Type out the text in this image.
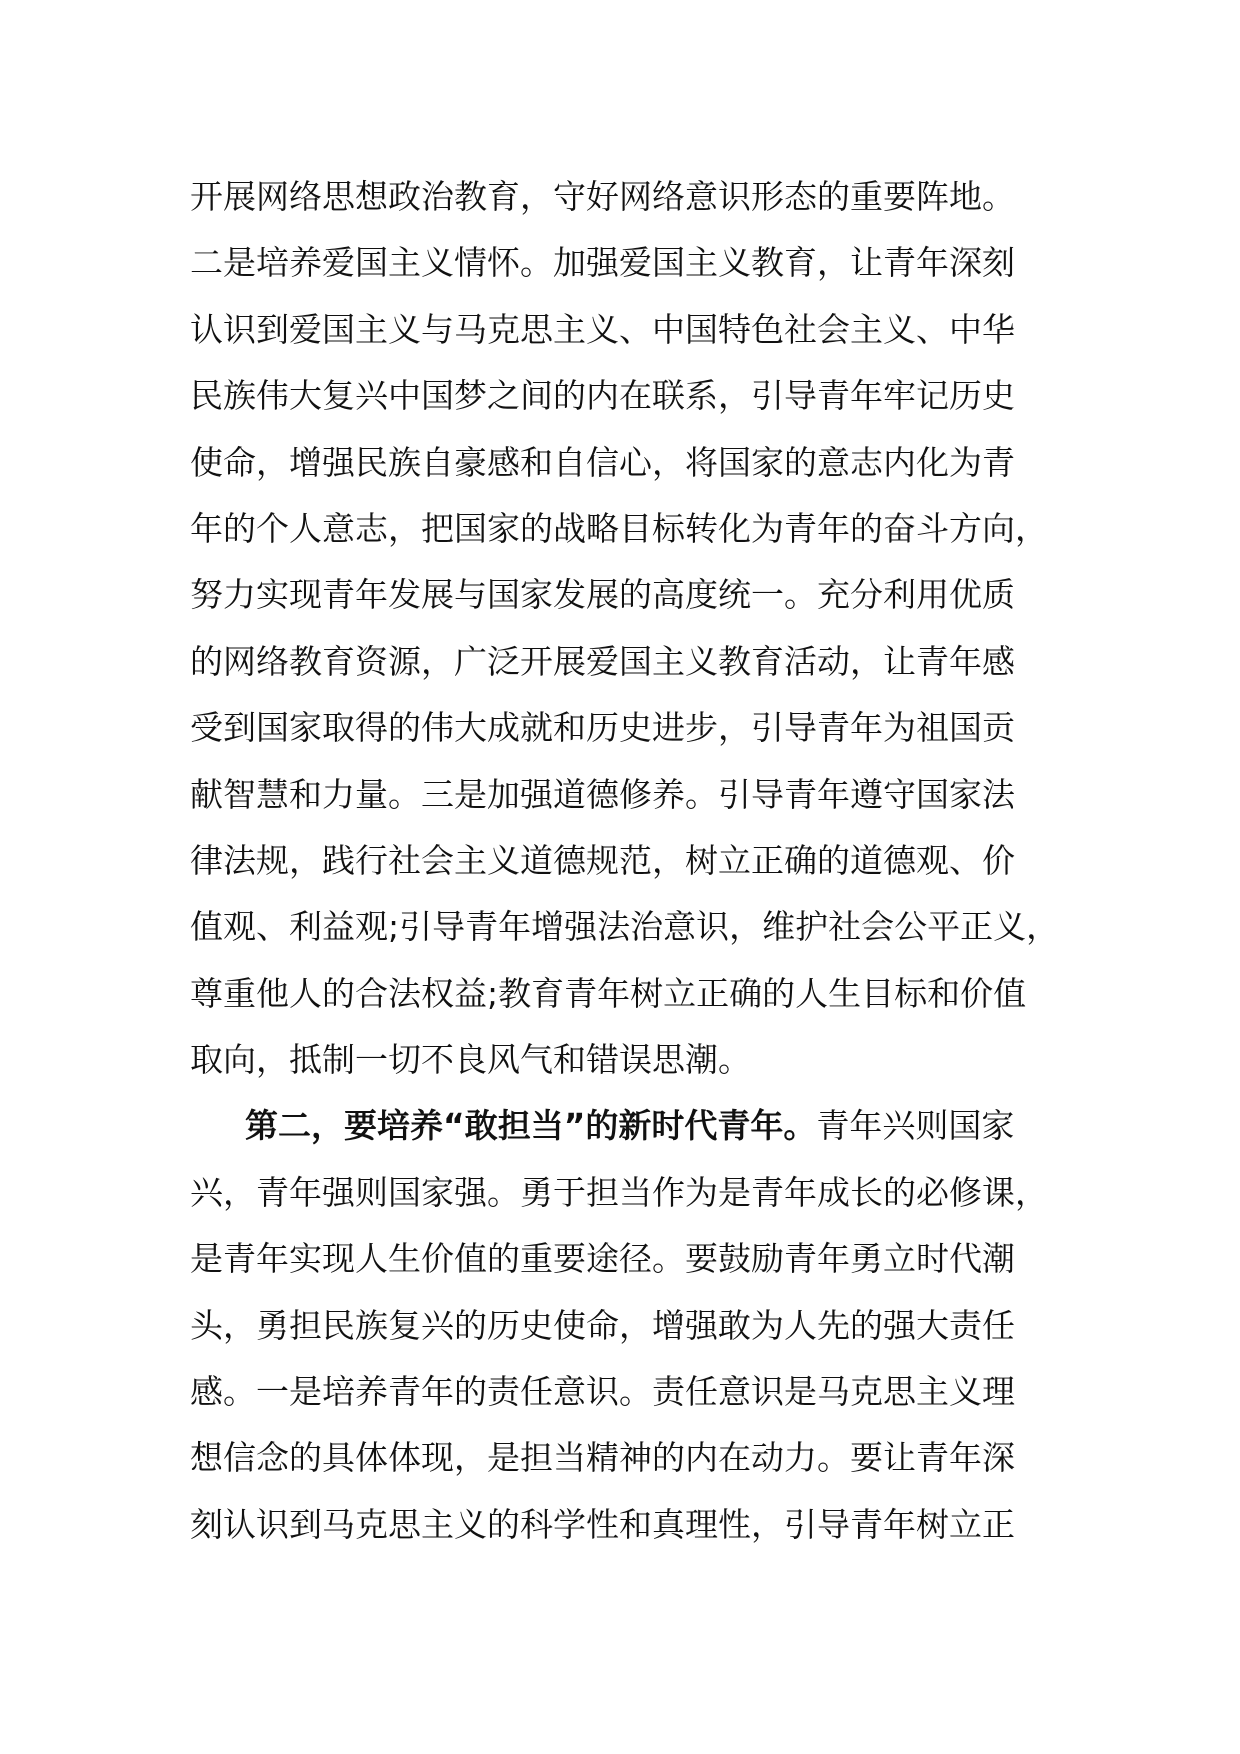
开展网络思想政治教育，守好网络意识形态的重要阵地。
二是培养爱国主义情怀。加强爱国主义教育，让青年深刻
认识到爱国主义与马克思主义、中国特色社会主义、中华
民族伟大复兴中国梦之间的内在联系，引导青年牢记历史
使命，增强民族自豪感和自信心，将国家的意志内化为青
年的个人意志，把国家的战略目标转化为青年的奋斗方向，
努力实现青年发展与国家发展的高度统一。充分利用优质
的网络教育资源，广泛开展爱国主义教育活动，让青年感
受到国家取得的伟大成就和历史进步，引导青年为祖国贡
献智慧和力量。三是加强道德修养。引导青年遵守国家法
律法规，践行社会主义道德规范，树立正确的道德观、价
值观、利益观;引导青年增强法治意识，维护社会公平正义，
尊重他人的合法权益;教育青年树立正确的人生目标和价值
取向，抵制一切不良风气和错误思潮。
第二，要培养“敢担当”的新时代青年。青年兴则国家
兴，青年强则国家强。勇于担当作为是青年成长的必修课，
是青年实现人生价值的重要途径。要鼓励青年勇立时代潮
头，勇担民族复兴的历史使命，增强敢为人先的强大责任
感。一是培养青年的责任意识。责任意识是马克思主义理
想信念的具体体现，是担当精神的内在动力。要让青年深
刻认识到马克思主义的科学性和真理性，引导青年树立正
